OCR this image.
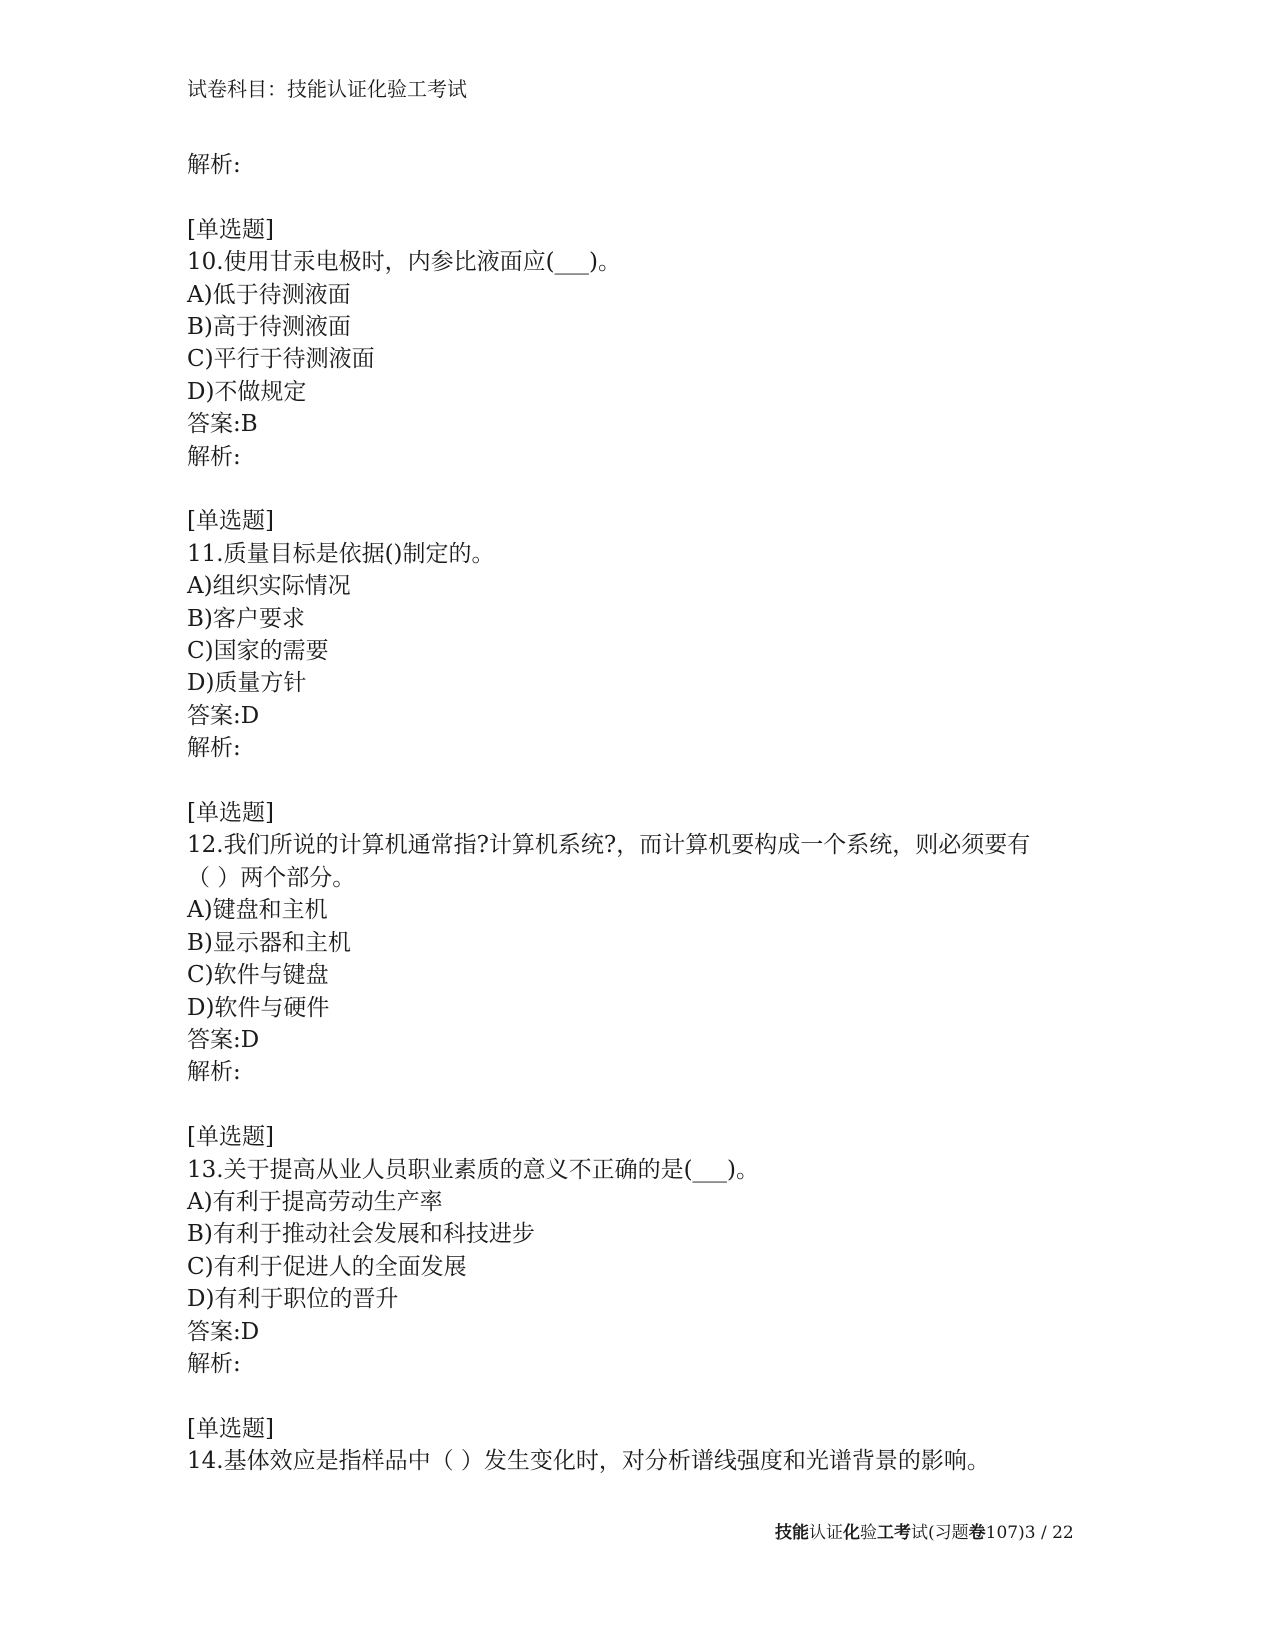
试卷科目：技能认证化验工考试
解析:
[单选题]
10.使用甘汞电极时，内参比液面应(___)。
A)低于待测液面
B)高于待测液面
C)平行于待测液面
D)不做规定
答案:B
解析:
[单选题]
11.质量目标是依据()制定的。
A)组织实际情况
B)客户要求
C)国家的需要
D)质量方针
答案:D
解析:
[单选题]
12.我们所说的计算机通常指?计算机系统?，而计算机要构成一个系统，则必须要有（ ）两个部分。
A)键盘和主机
B)显示器和主机
C)软件与键盘
D)软件与硬件
答案:D
解析:
[单选题]
13.关于提高从业人员职业素质的意义不正确的是(___)。
A)有利于提高劳动生产率
B)有利于推动社会发展和科技进步
C)有利于促进人的全面发展
D)有利于职位的晋升
答案:D
解析:
[单选题]
14.基体效应是指样品中（ ）发生变化时，对分析谱线强度和光谱背景的影响。
技能认证化验工考试(习题卷107)3 / 22
